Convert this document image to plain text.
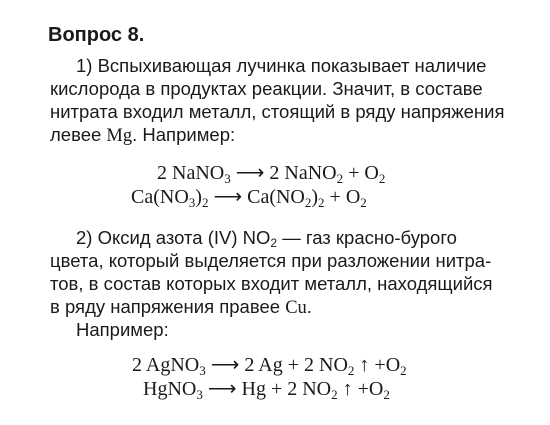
Вопрос 8.
1) Вспыхивающая лучинка показывает наличие
кислорода в продуктах реакции. Значит, в составе
нитрата входил металл, стоящий в ряду напряжения
левее Mg. Например:
2 NaNO$_3$ ⟶ 2 NaNO$_2$ + $O_2$
$Ca(NO_3)_2$ ⟶ $Ca(NO_2)_2 + O_2$
2) Оксид азота (IV) $NO_2$ — газ красно-бурого
цвета, который выделяется при разложении нитра-
тов, в состав которых входит металл, находящийся
в ряду напряжения правее Cu.
Например:
2 AgNO$_3$ ⟶ 2 Ag + 2 $NO_2$ ↑ $+O_2$
HgNO$_3$ ⟶ Hg + 2 $NO_2$ ↑ $+O_2$
